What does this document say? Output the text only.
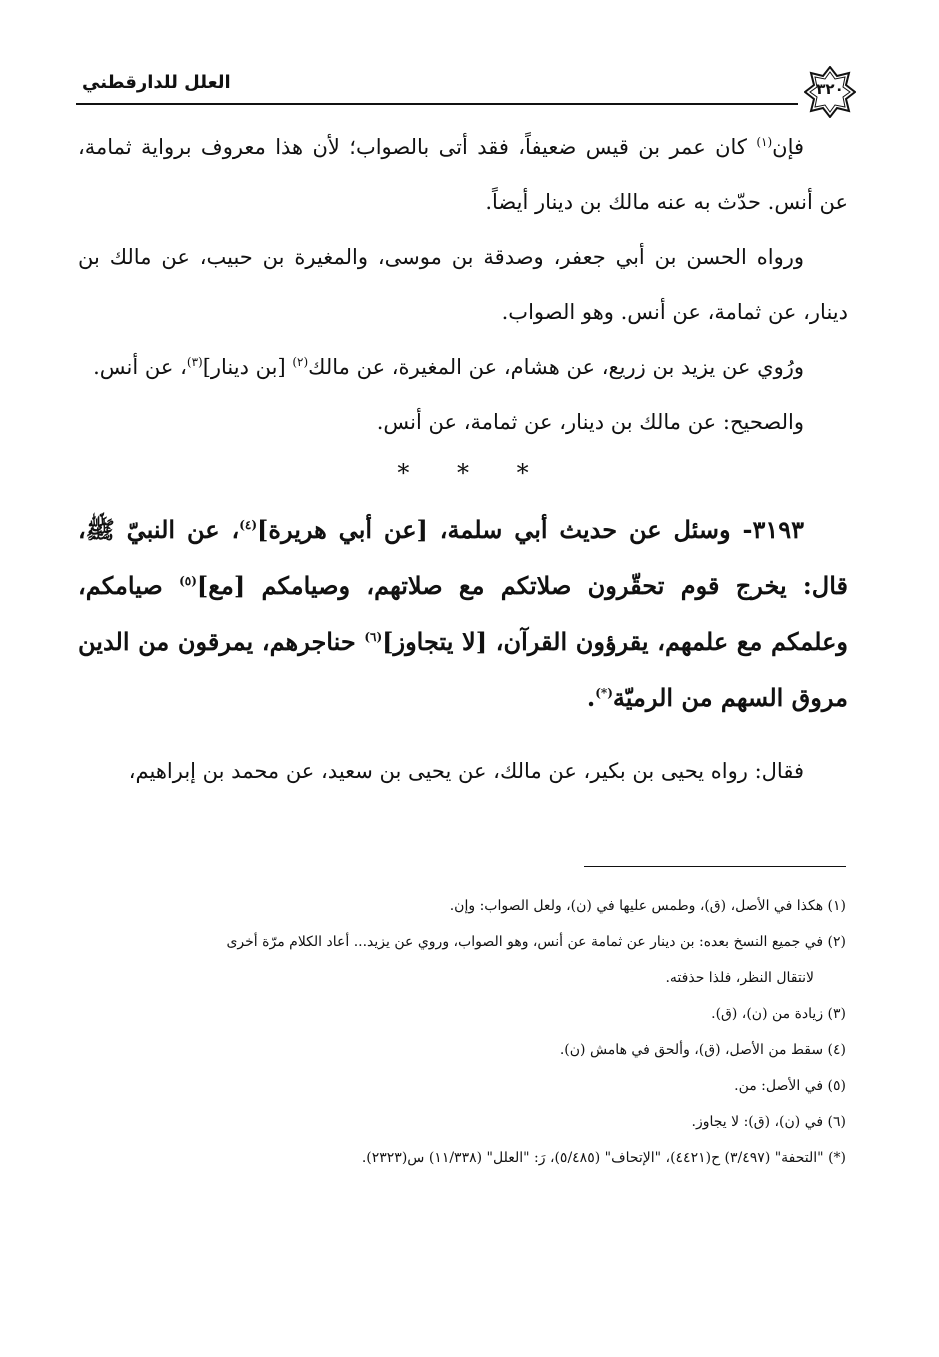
العلل للدارقطني	٣٢٠

فإن$^{(١)}$ كان عمر بن قيس ضعيفاً، فقد أتى بالصواب؛ لأن هذا معروف برواية ثمامة، عن أنس. حدّث به عنه مالك بن دينار أيضاً.

ورواه الحسن بن أبي جعفر، وصدقة بن موسى، والمغيرة بن حبيب، عن مالك بن دينار، عن ثمامة، عن أنس. وهو الصواب.

ورُوي عن يزيد بن زريع، عن هشام، عن المغيرة، عن مالك$^{(٢)}$ [بن دينار]$^{(٣)}$، عن أنس.

والصحيح: عن مالك بن دينار، عن ثمامة، عن أنس.

* * *

٣١٩٣- وسئل عن حديث أبي سلمة، [عن أبي هريرة]$^{(٤)}$، عن النبيّ ﷺ، قال: يخرج قوم تحقّرون صلاتكم مع صلاتهم، وصيامكم [مع]$^{(٥)}$ صيامكم، وعلمكم مع علمهم، يقرؤون القرآن، [لا يتجاوز]$^{(٦)}$ حناجرهم، يمرقون من الدين مروق السهم من الرميّة(*).

فقال: رواه يحيى بن بكير، عن مالك، عن يحيى بن سعيد، عن محمد بن إبراهيم،

(١) هكذا في الأصل، (ق)، وطمس عليها في (ن)، ولعل الصواب: وإن.

(٢) في جميع النسخ بعده: بن دينار عن ثمامة عن أنس، وهو الصواب، وروي عن يزيد... أعاد الكلام مرّة أخرى

لانتقال النظر، فلذا حذفته.

(٣) زيادة من (ن)، (ق).

(٤) سقط من الأصل، (ق)، وألحق في هامش (ن).

(٥) في الأصل: من.

(٦) في (ن)، (ق): لا يجاوز.

(*) "التحفة" (٣/٤٩٧) ح(٤٤٢١)، "الإتحاف" (٥/٤٨٥)، رَ: "العلل" (١١/٣٣٨) س(٢٣٢٣).
